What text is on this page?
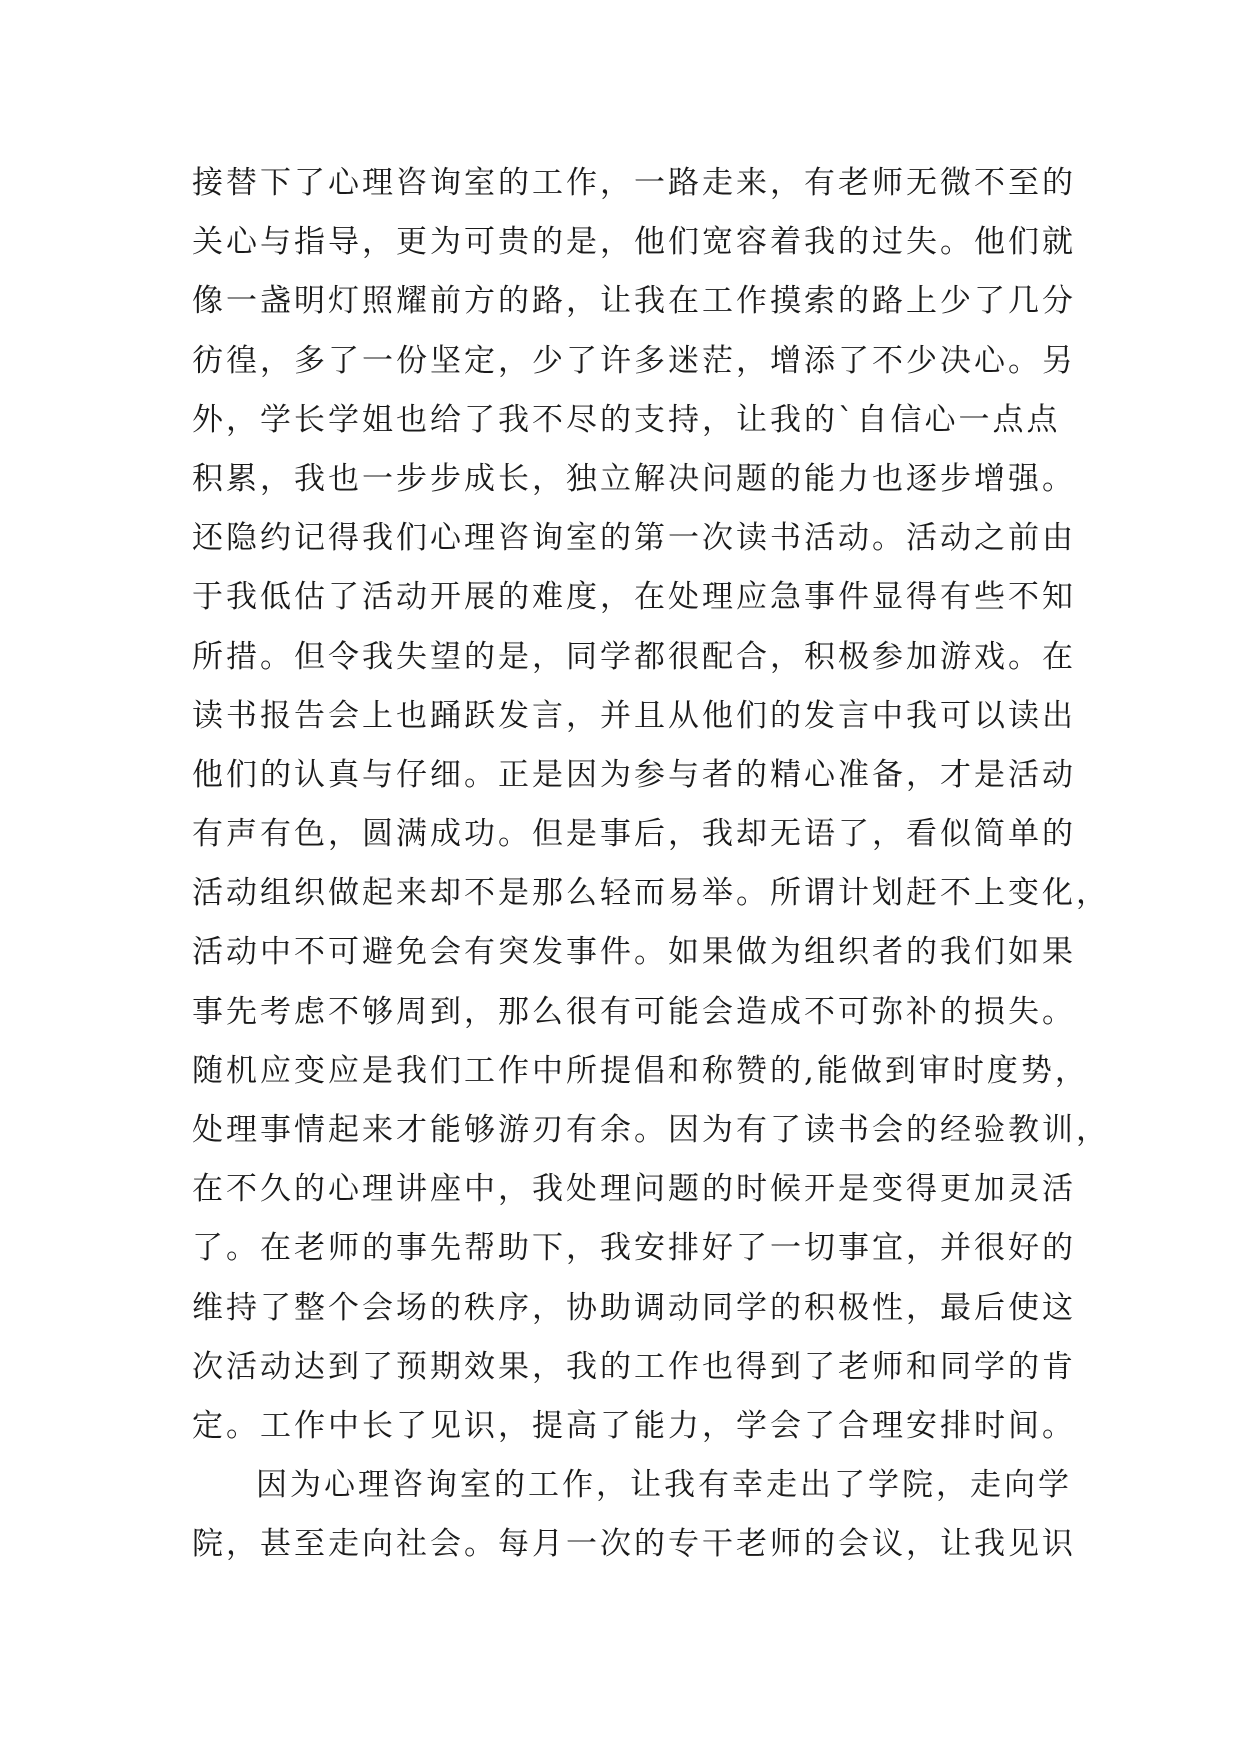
接替下了心理咨询室的工作，一路走来，有老师无微不至的
关心与指导，更为可贵的是，他们宽容着我的过失。他们就
像一盏明灯照耀前方的路，让我在工作摸索的路上少了几分
彷徨，多了一份坚定，少了许多迷茫，增添了不少决心。另
外，学长学姐也给了我不尽的支持，让我的`自信心一点点
积累，我也一步步成长，独立解决问题的能力也逐步增强。
还隐约记得我们心理咨询室的第一次读书活动。活动之前由
于我低估了活动开展的难度，在处理应急事件显得有些不知
所措。但令我失望的是，同学都很配合，积极参加游戏。在
读书报告会上也踊跃发言，并且从他们的发言中我可以读出
他们的认真与仔细。正是因为参与者的精心准备，才是活动
有声有色，圆满成功。但是事后，我却无语了，看似简单的
活动组织做起来却不是那么轻而易举。所谓计划赶不上变化，
活动中不可避免会有突发事件。如果做为组织者的我们如果
事先考虑不够周到，那么很有可能会造成不可弥补的损失。
随机应变应是我们工作中所提倡和称赞的,能做到审时度势，
处理事情起来才能够游刃有余。因为有了读书会的经验教训，
在不久的心理讲座中，我处理问题的时候开是变得更加灵活
了。在老师的事先帮助下，我安排好了一切事宜，并很好的
维持了整个会场的秩序，协助调动同学的积极性，最后使这
次活动达到了预期效果，我的工作也得到了老师和同学的肯
定。工作中长了见识，提高了能力，学会了合理安排时间。
因为心理咨询室的工作，让我有幸走出了学院，走向学
院，甚至走向社会。每月一次的专干老师的会议，让我见识
